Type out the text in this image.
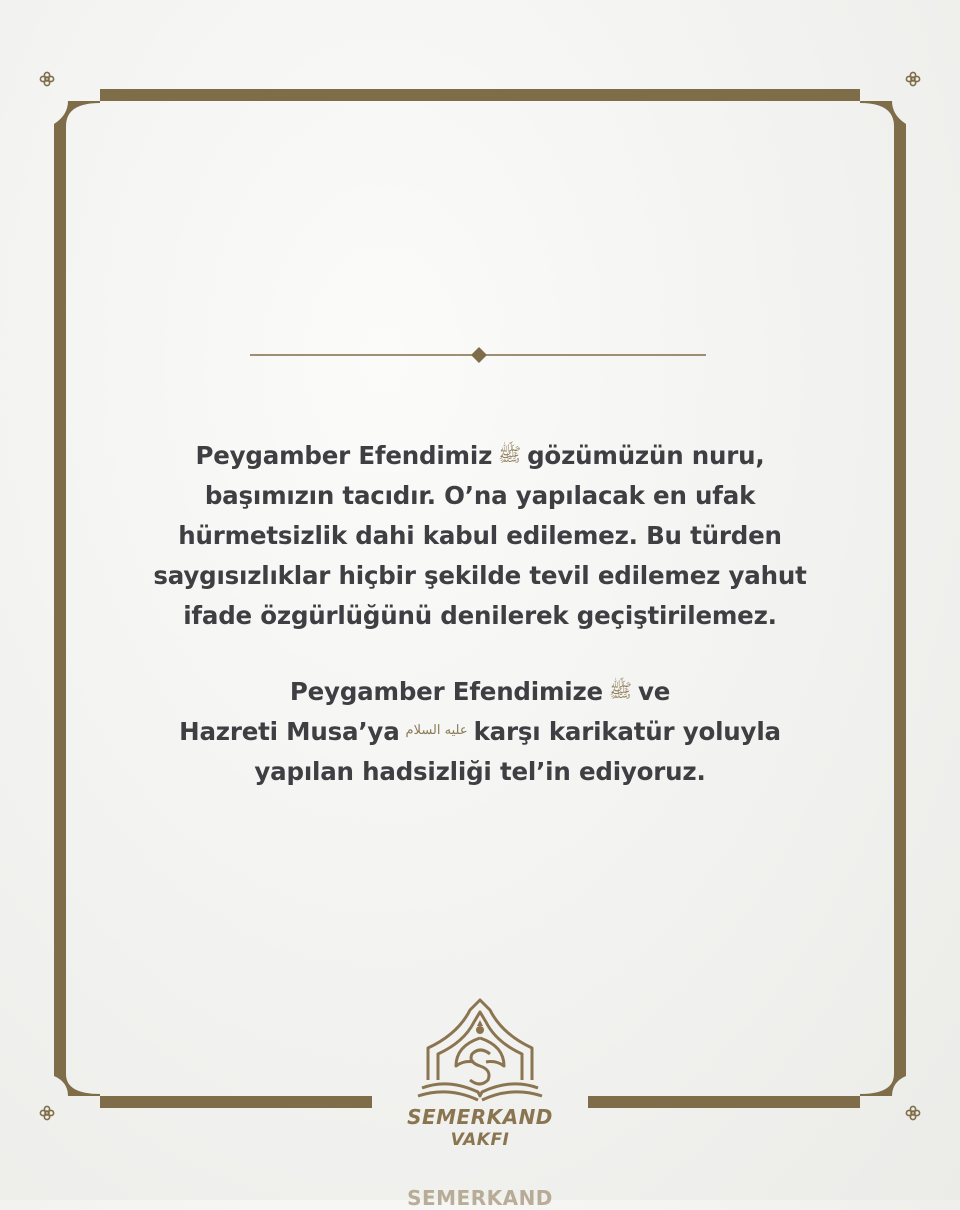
Peygamber Efendimiz ﷺ gözümüzün nuru,
başımızın tacıdır. O’na yapılacak en ufak
hürmetsizlik dahi kabul edilemez. Bu türden
saygısızlıklar hiçbir şekilde tevil edilemez yahut
ifade özgürlüğünü denilerek geçiştirilemez.
Peygamber Efendimize ﷺ ve
Hazreti Musa’ya عليه السلام karşı karikatür yoluyla
yapılan hadsizliği tel’in ediyoruz.
SEMERKAND
VAKFI
SEMERKAND
